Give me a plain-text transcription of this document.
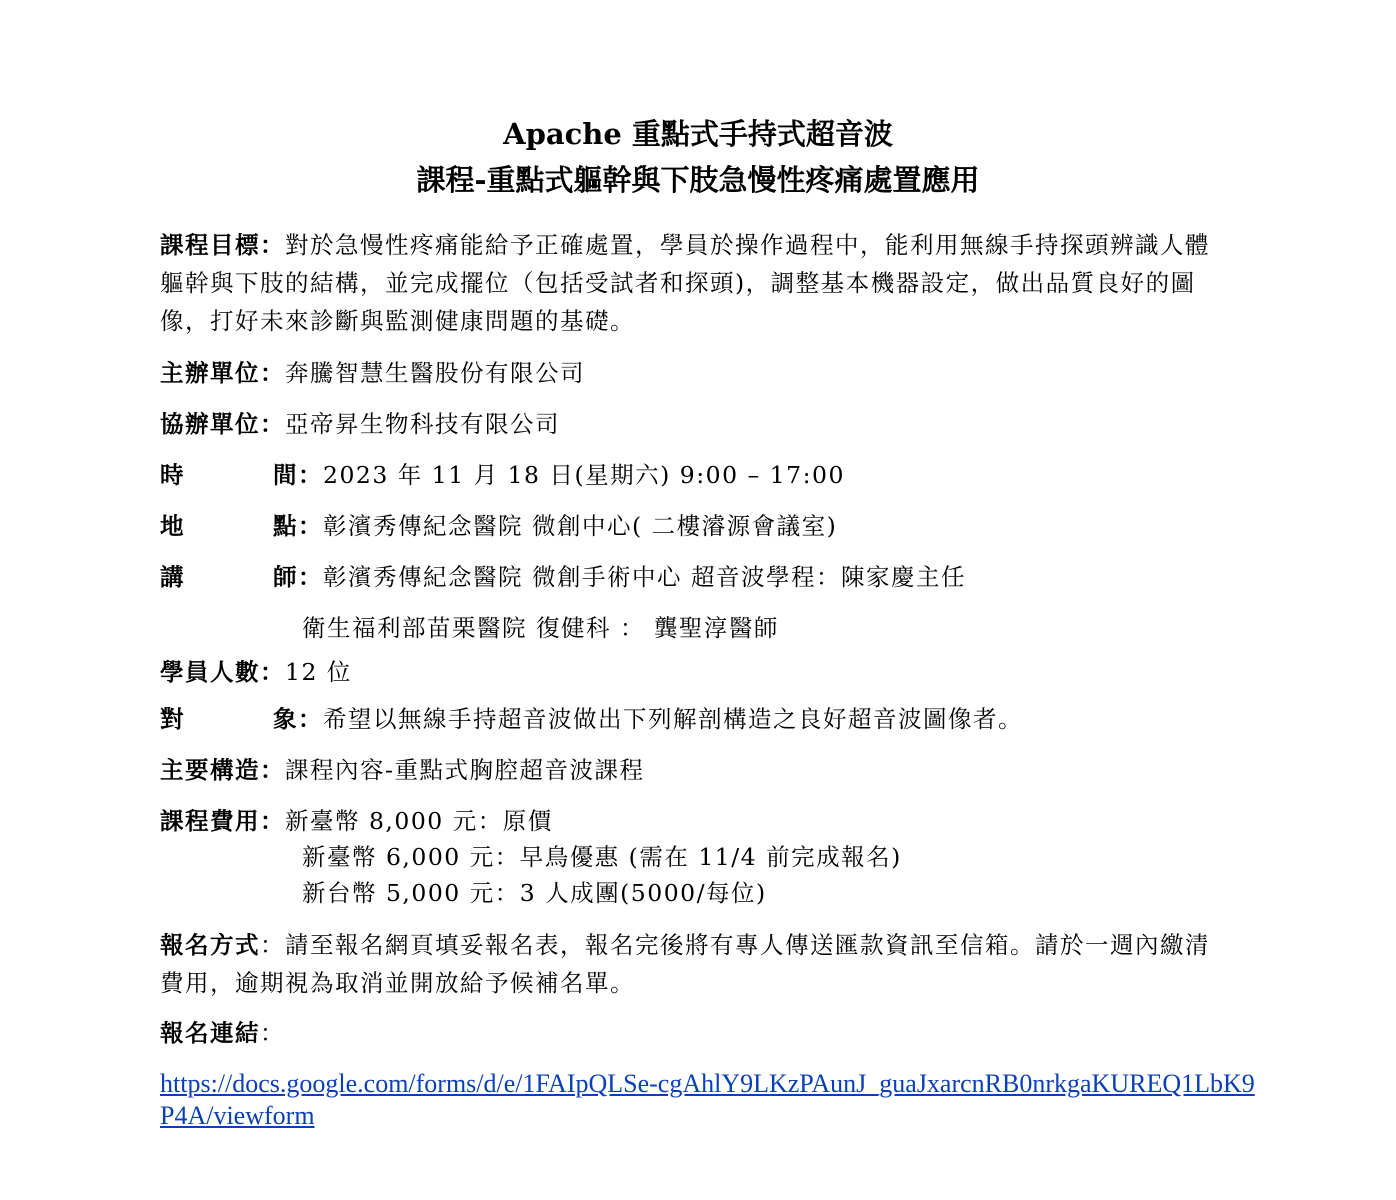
Apache 重點式手持式超音波
課程-重點式軀幹與下肢急慢性疼痛處置應用
課程目標：對於急慢性疼痛能給予正確處置，學員於操作過程中，能利用無線手持探頭辨識人體軀幹與下肢的結構，並完成擺位（包括受試者和探頭)，調整基本機器設定，做出品質良好的圖像，打好未來診斷與監測健康問題的基礎。
主辦單位：奔騰智慧生醫股份有限公司
協辦單位：亞帝昇生物科技有限公司
時 間：2023 年 11 月 18 日(星期六) 9:00 – 17:00
地 點：彰濱秀傳紀念醫院 微創中心( 二樓濬源會議室)
講 師：彰濱秀傳紀念醫院 微創手術中心 超音波學程：陳家慶主任
衛生福利部苗栗醫院 復健科 ： 龔聖淳醫師
學員人數：12 位
對 象：希望以無線手持超音波做出下列解剖構造之良好超音波圖像者。
主要構造：課程內容-重點式胸腔超音波課程
課程費用：新臺幣 8,000 元：原價
新臺幣 6,000 元：早鳥優惠 (需在 11/4 前完成報名)
新台幣 5,000 元：3 人成團(5000/每位)
報名方式：請至報名網頁填妥報名表，報名完後將有專人傳送匯款資訊至信箱。請於一週內繳清費用，逾期視為取消並開放給予候補名單。
報名連結：
https://docs.google.com/forms/d/e/1FAIpQLSe-cgAhlY9LKzPAunJ_guaJxarcnRB0nrkgaKUREQ1LbK9P4A/viewform
